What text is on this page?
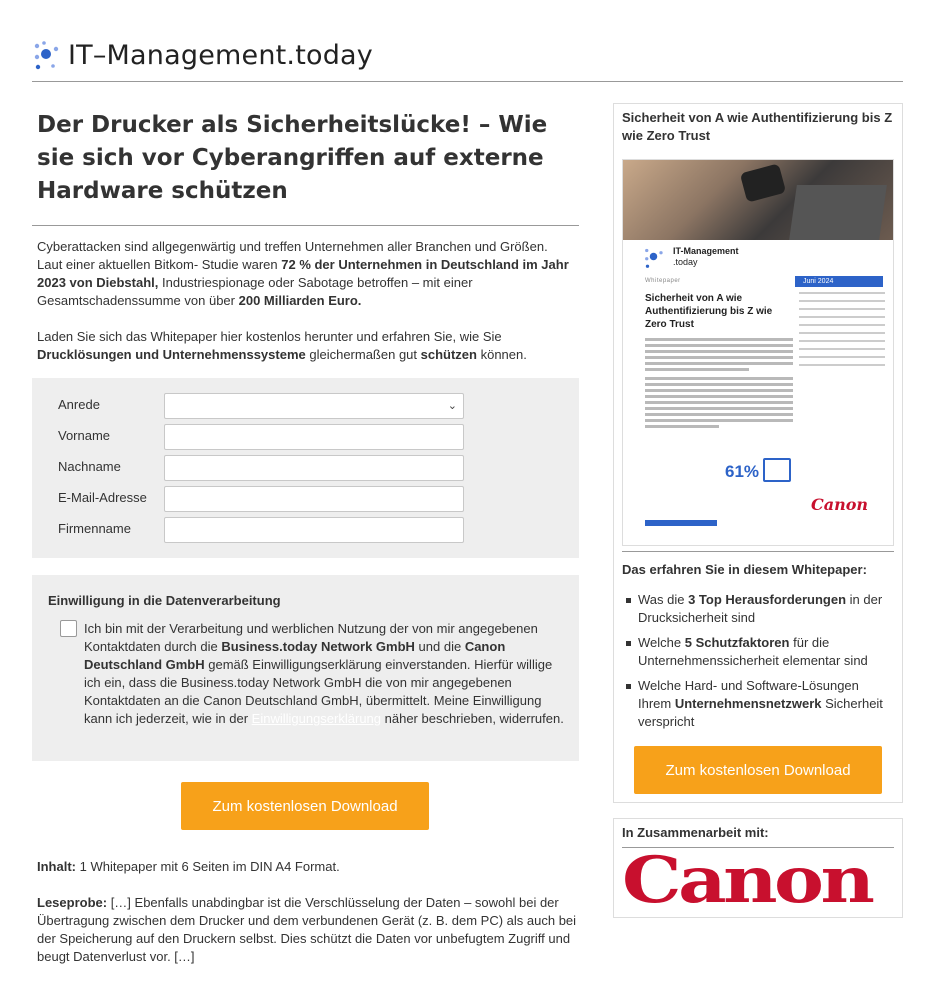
IT–Management.today
Der Drucker als Sicherheitslücke! – Wie sie sich vor Cyberangriffen auf externe Hardware schützen

Cyberattacken sind allgegenwärtig und treffen Unternehmen aller Branchen und Größen. Laut einer aktuellen Bitkom- Studie waren 72 % der Unternehmen in Deutschland im Jahr 2023 von Diebstahl, Industriespionage oder Sabotage betroffen – mit einer Gesamtschadenssumme von über 200 Milliarden Euro.

Laden Sie sich das Whitepaper hier kostenlos herunter und erfahren Sie, wie Sie Drucklösungen und Unternehmenssysteme gleichermaßen gut schützen können.

Anrede	⌄
Vorname
Nachname
E-Mail-Adresse
Firmenname
Einwilligung in die Datenverarbeitung
Ich bin mit der Verarbeitung und werblichen Nutzung der von mir angegebenen Kontaktdaten durch die Business.today Network GmbH und die Canon Deutschland GmbH gemäß Einwilligungserklärung einverstanden. Hierfür willige ich ein, dass die Business.today Network GmbH die von mir angegebenen Kontaktdaten an die Canon Deutschland GmbH, übermittelt. Meine Einwilligung kann ich jederzeit, wie in der Einwilligungserklärung näher beschrieben, widerrufen.
Zum kostenlosen Download

Inhalt: 1 Whitepaper mit 6 Seiten im DIN A4 Format.

Leseprobe: […] Ebenfalls unabdingbar ist die Verschlüsselung der Daten – sowohl bei der Übertragung zwischen dem Drucker und dem verbundenen Gerät (z. B. dem PC) als auch bei der Speicherung auf den Druckern selbst. Dies schützt die Daten vor unbefugtem Zugriff und beugt Datenverlust vor. […]

Sicherheit von A wie Authentifizierung bis Z wie Zero Trust
IT-Management
.today
Whitepaper	Juni 2024
Sicherheit von A wie Authentifizierung bis Z wie Zero Trust
61%
Canon
Das erfahren Sie in diesem Whitepaper:
Was die 3 Top Herausforderungen in der Drucksicherheit sind
Welche 5 Schutzfaktoren für die Unternehmenssicherheit elementar sind
Welche Hard- und Software-Lösungen Ihrem Unternehmensnetzwerk Sicherheit verspricht
Zum kostenlosen Download
In Zusammenarbeit mit:
Canon
